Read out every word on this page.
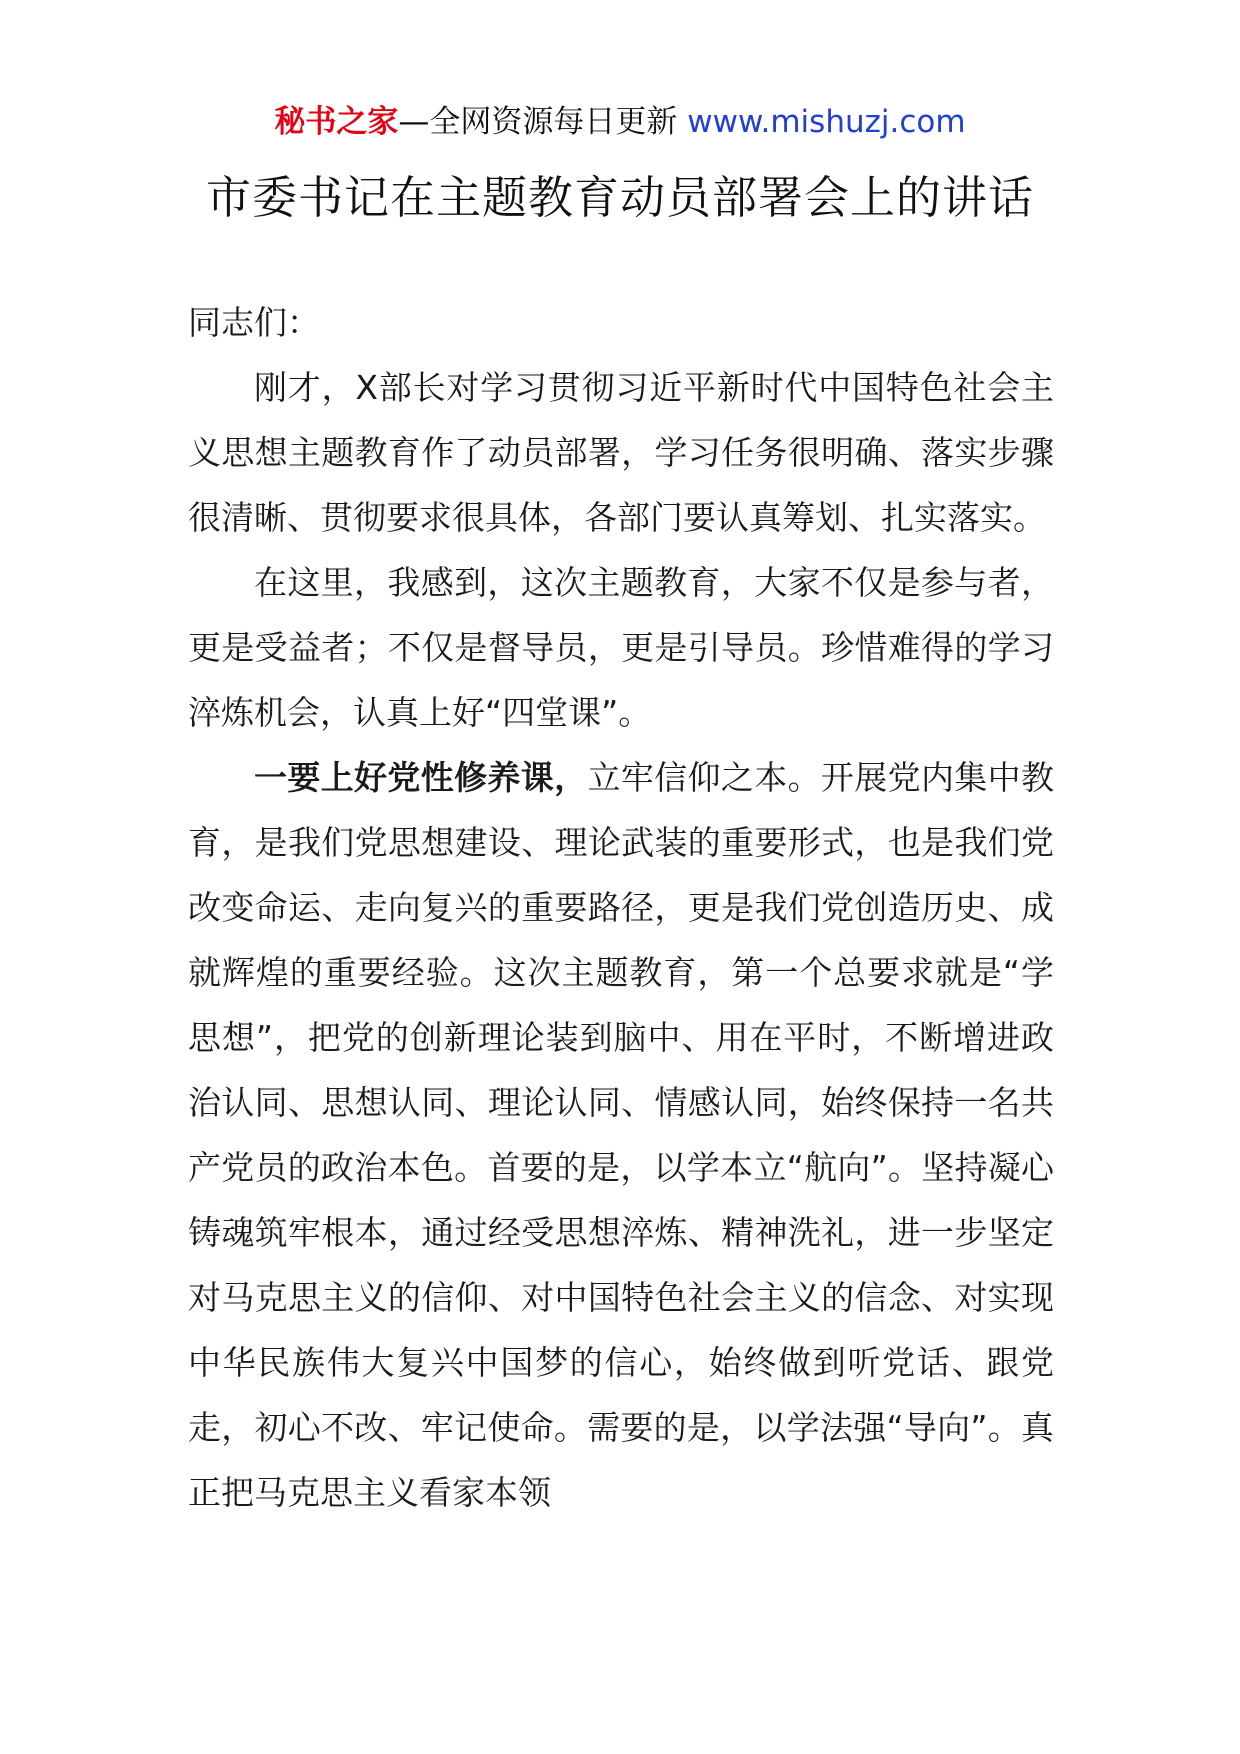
秘书之家—全网资源每日更新 www.mishuzj.com
市委书记在主题教育动员部署会上的讲话

同志们：

刚才，X部长对学习贯彻习近平新时代中国特色社会主义思想主题教育作了动员部署，学习任务很明确、落实步骤很清晰、贯彻要求很具体，各部门要认真筹划、扎实落实。

在这里，我感到，这次主题教育，大家不仅是参与者，更是受益者；不仅是督导员，更是引导员。珍惜难得的学习淬炼机会，认真上好“四堂课”。

一要上好党性修养课，立牢信仰之本。开展党内集中教育，是我们党思想建设、理论武装的重要形式，也是我们党改变命运、走向复兴的重要路径，更是我们党创造历史、成就辉煌的重要经验。这次主题教育，第一个总要求就是“学思想”，把党的创新理论装到脑中、用在平时，不断增进政治认同、思想认同、理论认同、情感认同，始终保持一名共产党员的政治本色。首要的是，以学本立“航向”。坚持凝心铸魂筑牢根本，通过经受思想淬炼、精神洗礼，进一步坚定对马克思主义的信仰、对中国特色社会主义的信念、对实现中华民族伟大复兴中国梦的信心，始终做到听党话、跟党走，初心不改、牢记使命。需要的是，以学法强“导向”。真正把马克思主义看家本领
